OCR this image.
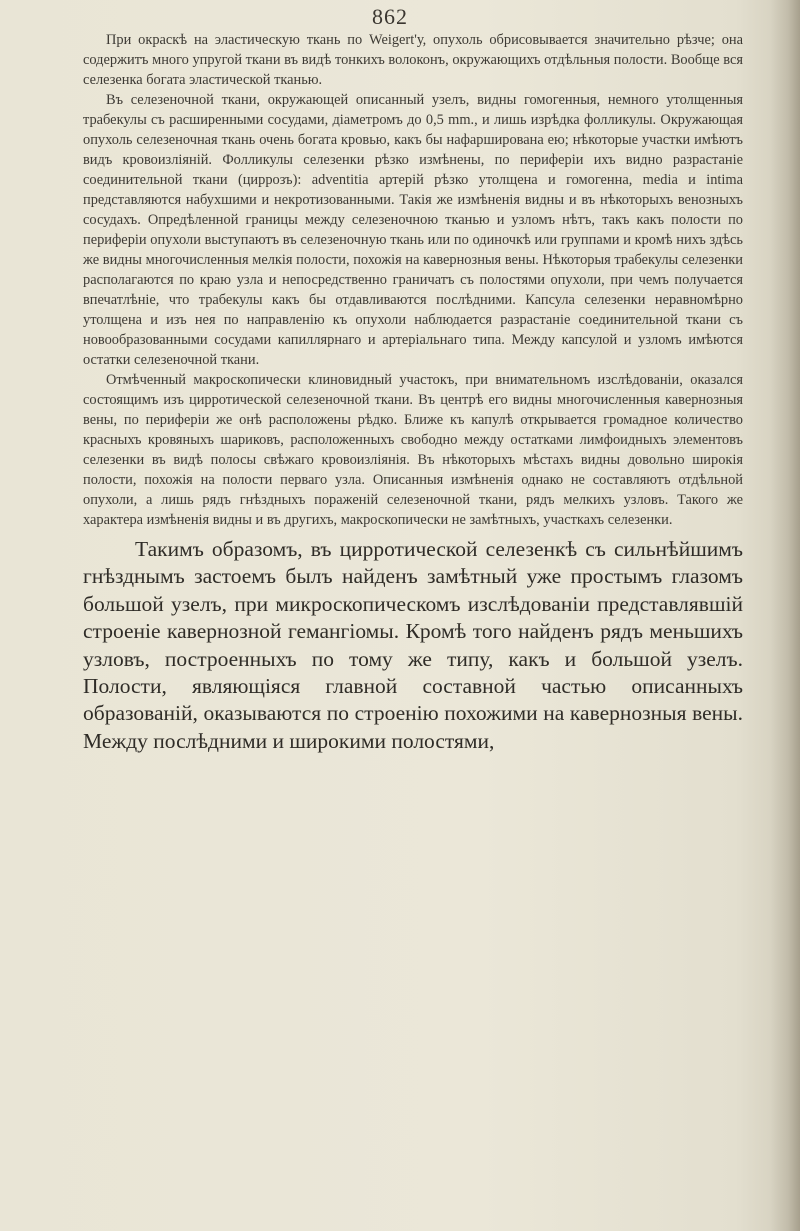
862

При окраскѣ на эластическую ткань по Weigert'у, опухоль обрисовывается значительно рѣзче; она содержитъ много упругой ткани въ видѣ тонкихъ волоконъ, окружающихъ отдѣльныя полости. Вообще вся селезенка богата эластической тканью.

Въ селезеночной ткани, окружающей описанный узелъ, видны гомогенныя, немного утолщенныя трабекулы съ расширенными сосудами, діаметромъ до 0,5 mm., и лишь изрѣдка фолликулы. Окружающая опухоль селезеночная ткань очень богата кровью, какъ бы нафарширована ею; нѣкоторые участки имѣютъ видъ кровоизліяній. Фолликулы селезенки рѣзко измѣнены, по периферіи ихъ видно разрастаніе соединительной ткани (циррозъ): adventitia артерій рѣзко утолщена и гомогенна, media и intima представляются набухшими и некротизованными. Такія же измѣненія видны и въ нѣкоторыхъ венозныхъ сосудахъ. Опредѣленной границы между селезеночною тканью и узломъ нѣтъ, такъ какъ полости по периферіи опухоли выступаютъ въ селезеночную ткань или по одиночкѣ или группами и кромѣ нихъ здѣсь же видны многочисленныя мелкія полости, похожія на кавернозныя вены. Нѣкоторыя трабекулы селезенки располагаются по краю узла и непосредственно граничатъ съ полостями опухоли, при чемъ получается впечатлѣніе, что трабекулы какъ бы отдавливаются послѣдними. Капсула селезенки неравномѣрно утолщена и изъ нея по направленію къ опухоли наблюдается разрастаніе соединительной ткани съ новообразованными сосудами капиллярнаго и артеріальнаго типа. Между капсулой и узломъ имѣются остатки селезеночной ткани.

Отмѣченный макроскопически клиновидный участокъ, при внимательномъ изслѣдованіи, оказался состоящимъ изъ цирротической селезеночной ткани. Въ центрѣ его видны многочисленныя кавернозныя вены, по периферіи же онѣ расположены рѣдко. Ближе къ капулѣ открывается громадное количество красныхъ кровяныхъ шариковъ, расположенныхъ свободно между остатками лимфоидныхъ элементовъ селезенки въ видѣ полосы свѣжаго кровоизліянія. Въ нѣкоторыхъ мѣстахъ видны довольно широкія полости, похожія на полости перваго узла. Описанныя измѣненія однако не составляютъ отдѣльной опухоли, а лишь рядъ гнѣздныхъ пораженій селезеночной ткани, рядъ мелкихъ узловъ. Такого же характера измѣненія видны и въ другихъ, макроскопически не замѣтныхъ, участкахъ селезенки.

Такимъ образомъ, въ цирротической селезенкѣ съ сильнѣйшимъ гнѣзднымъ застоемъ былъ найденъ замѣтный уже простымъ глазомъ большой узелъ, при микроскопическомъ изслѣдованіи представлявшій строеніе кавернозной гемангіомы. Кромѣ того найденъ рядъ меньшихъ узловъ, построенныхъ по тому же типу, какъ и большой узелъ. Полости, являющіяся главной составной частью описанныхъ образованій, оказываются по строенію похожими на кавернозныя вены. Между послѣдними и широкими полостями,
